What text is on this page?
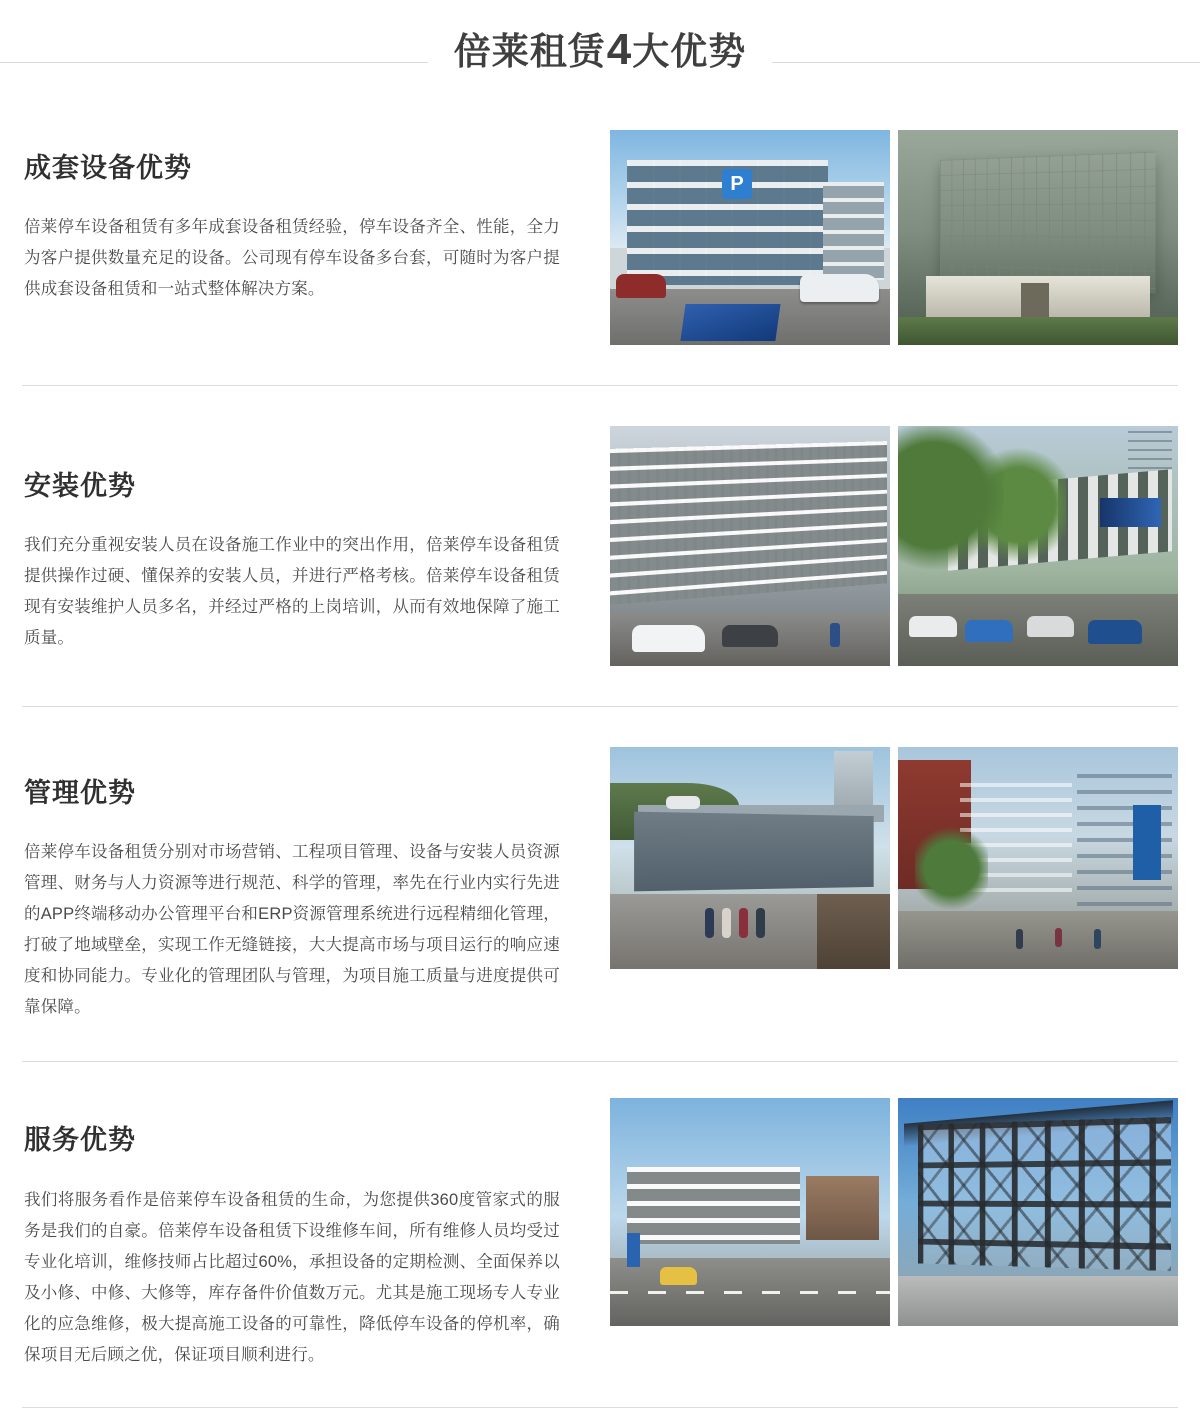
倍莱租赁 4 大优势
成套设备优势

倍莱停车设备租赁有多年成套设备租赁经验，停车设备齐全、性能，全力为客户提供数量充足的设备。公司现有停车设备多台套，可随时为客户提供成套设备租赁和一站式整体解决方案。

P
安装优势

我们充分重视安装人员在设备施工作业中的突出作用，倍莱停车设备租赁提供操作过硬、懂保养的安装人员，并进行严格考核。倍莱停车设备租赁现有安装维护人员多名，并经过严格的上岗培训，从而有效地保障了施工质量。

管理优势

倍莱停车设备租赁分别对市场营销、工程项目管理、设备与安装人员资源管理、财务与人力资源等进行规范、科学的管理，率先在行业内实行先进的APP终端移动办公管理平台和ERP资源管理系统进行远程精细化管理，打破了地域壁垒，实现工作无缝链接，大大提高市场与项目运行的响应速度和协同能力。专业化的管理团队与管理，为项目施工质量与进度提供可靠保障。

服务优势

我们将服务看作是倍莱停车设备租赁的生命，为您提供360度管家式的服务是我们的自豪。倍莱停车设备租赁下设维修车间，所有维修人员均受过专业化培训，维修技师占比超过60%，承担设备的定期检测、全面保养以及小修、中修、大修等，库存备件价值数万元。尤其是施工现场专人专业化的应急维修，极大提高施工设备的可靠性，降低停车设备的停机率，确保项目无后顾之优，保证项目顺利进行。
